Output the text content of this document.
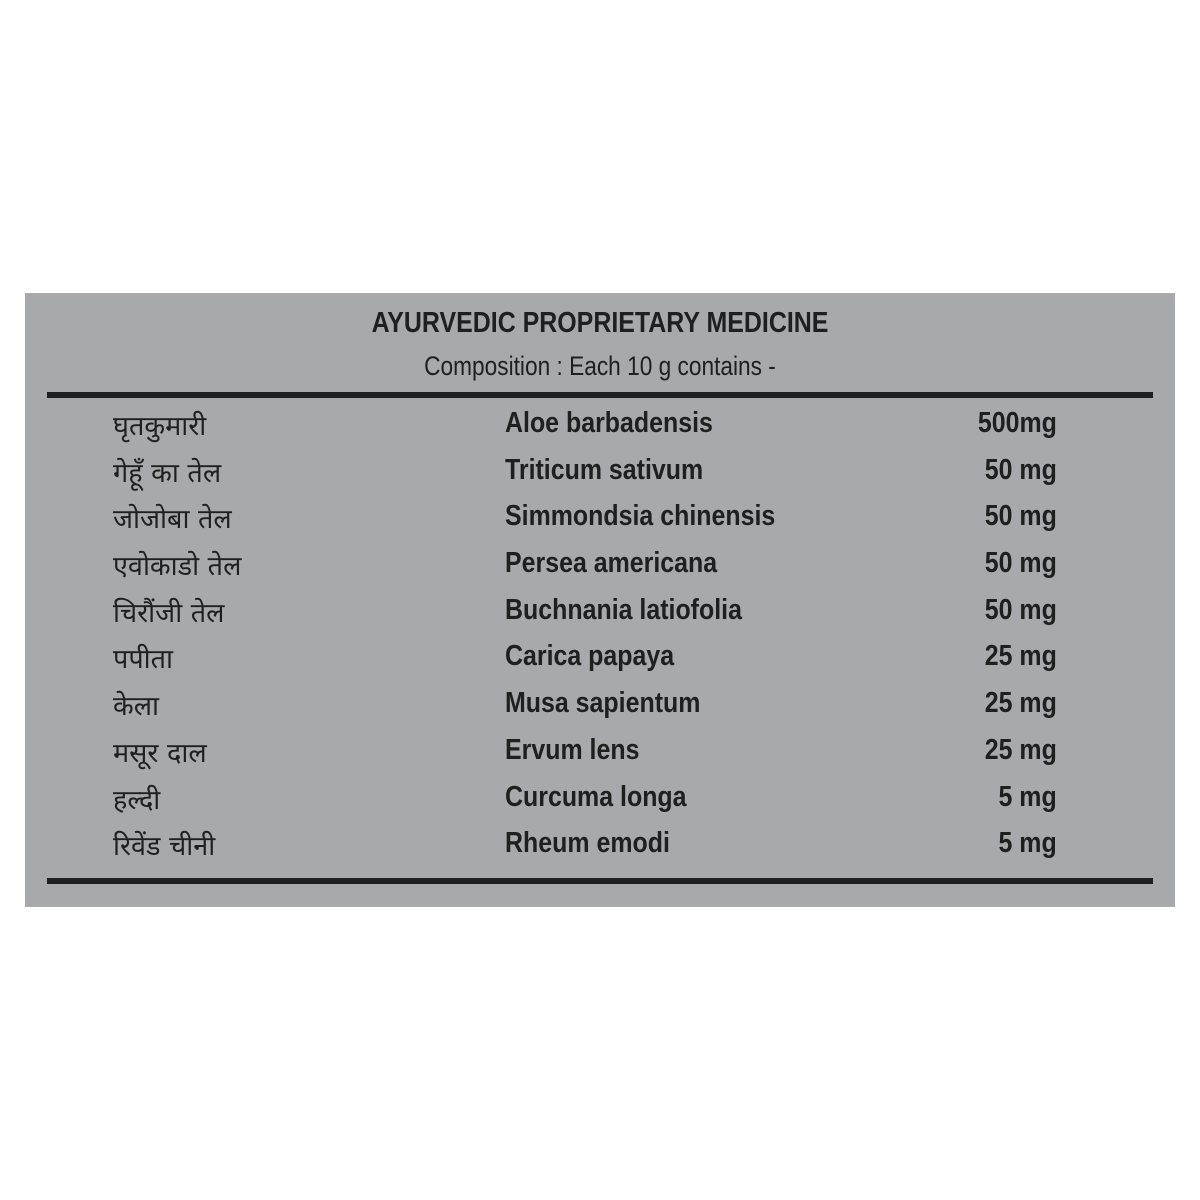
AYURVEDIC PROPRIETARY MEDICINE
Composition : Each 10 g contains -
घृतकुमारी	Aloe barbadensis	500mg
गेहूँ का तेल	Triticum sativum	50 mg
जोजोबा तेल	Simmondsia chinensis	50 mg
एवोकाडो तेल	Persea americana	50 mg
चिरौंजी तेल	Buchnania latiofolia	50 mg
पपीता	Carica papaya	25 mg
केला	Musa sapientum	25 mg
मसूर दाल	Ervum lens	25 mg
हल्दी	Curcuma longa	5 mg
रिवेंड चीनी	Rheum emodi	5 mg
